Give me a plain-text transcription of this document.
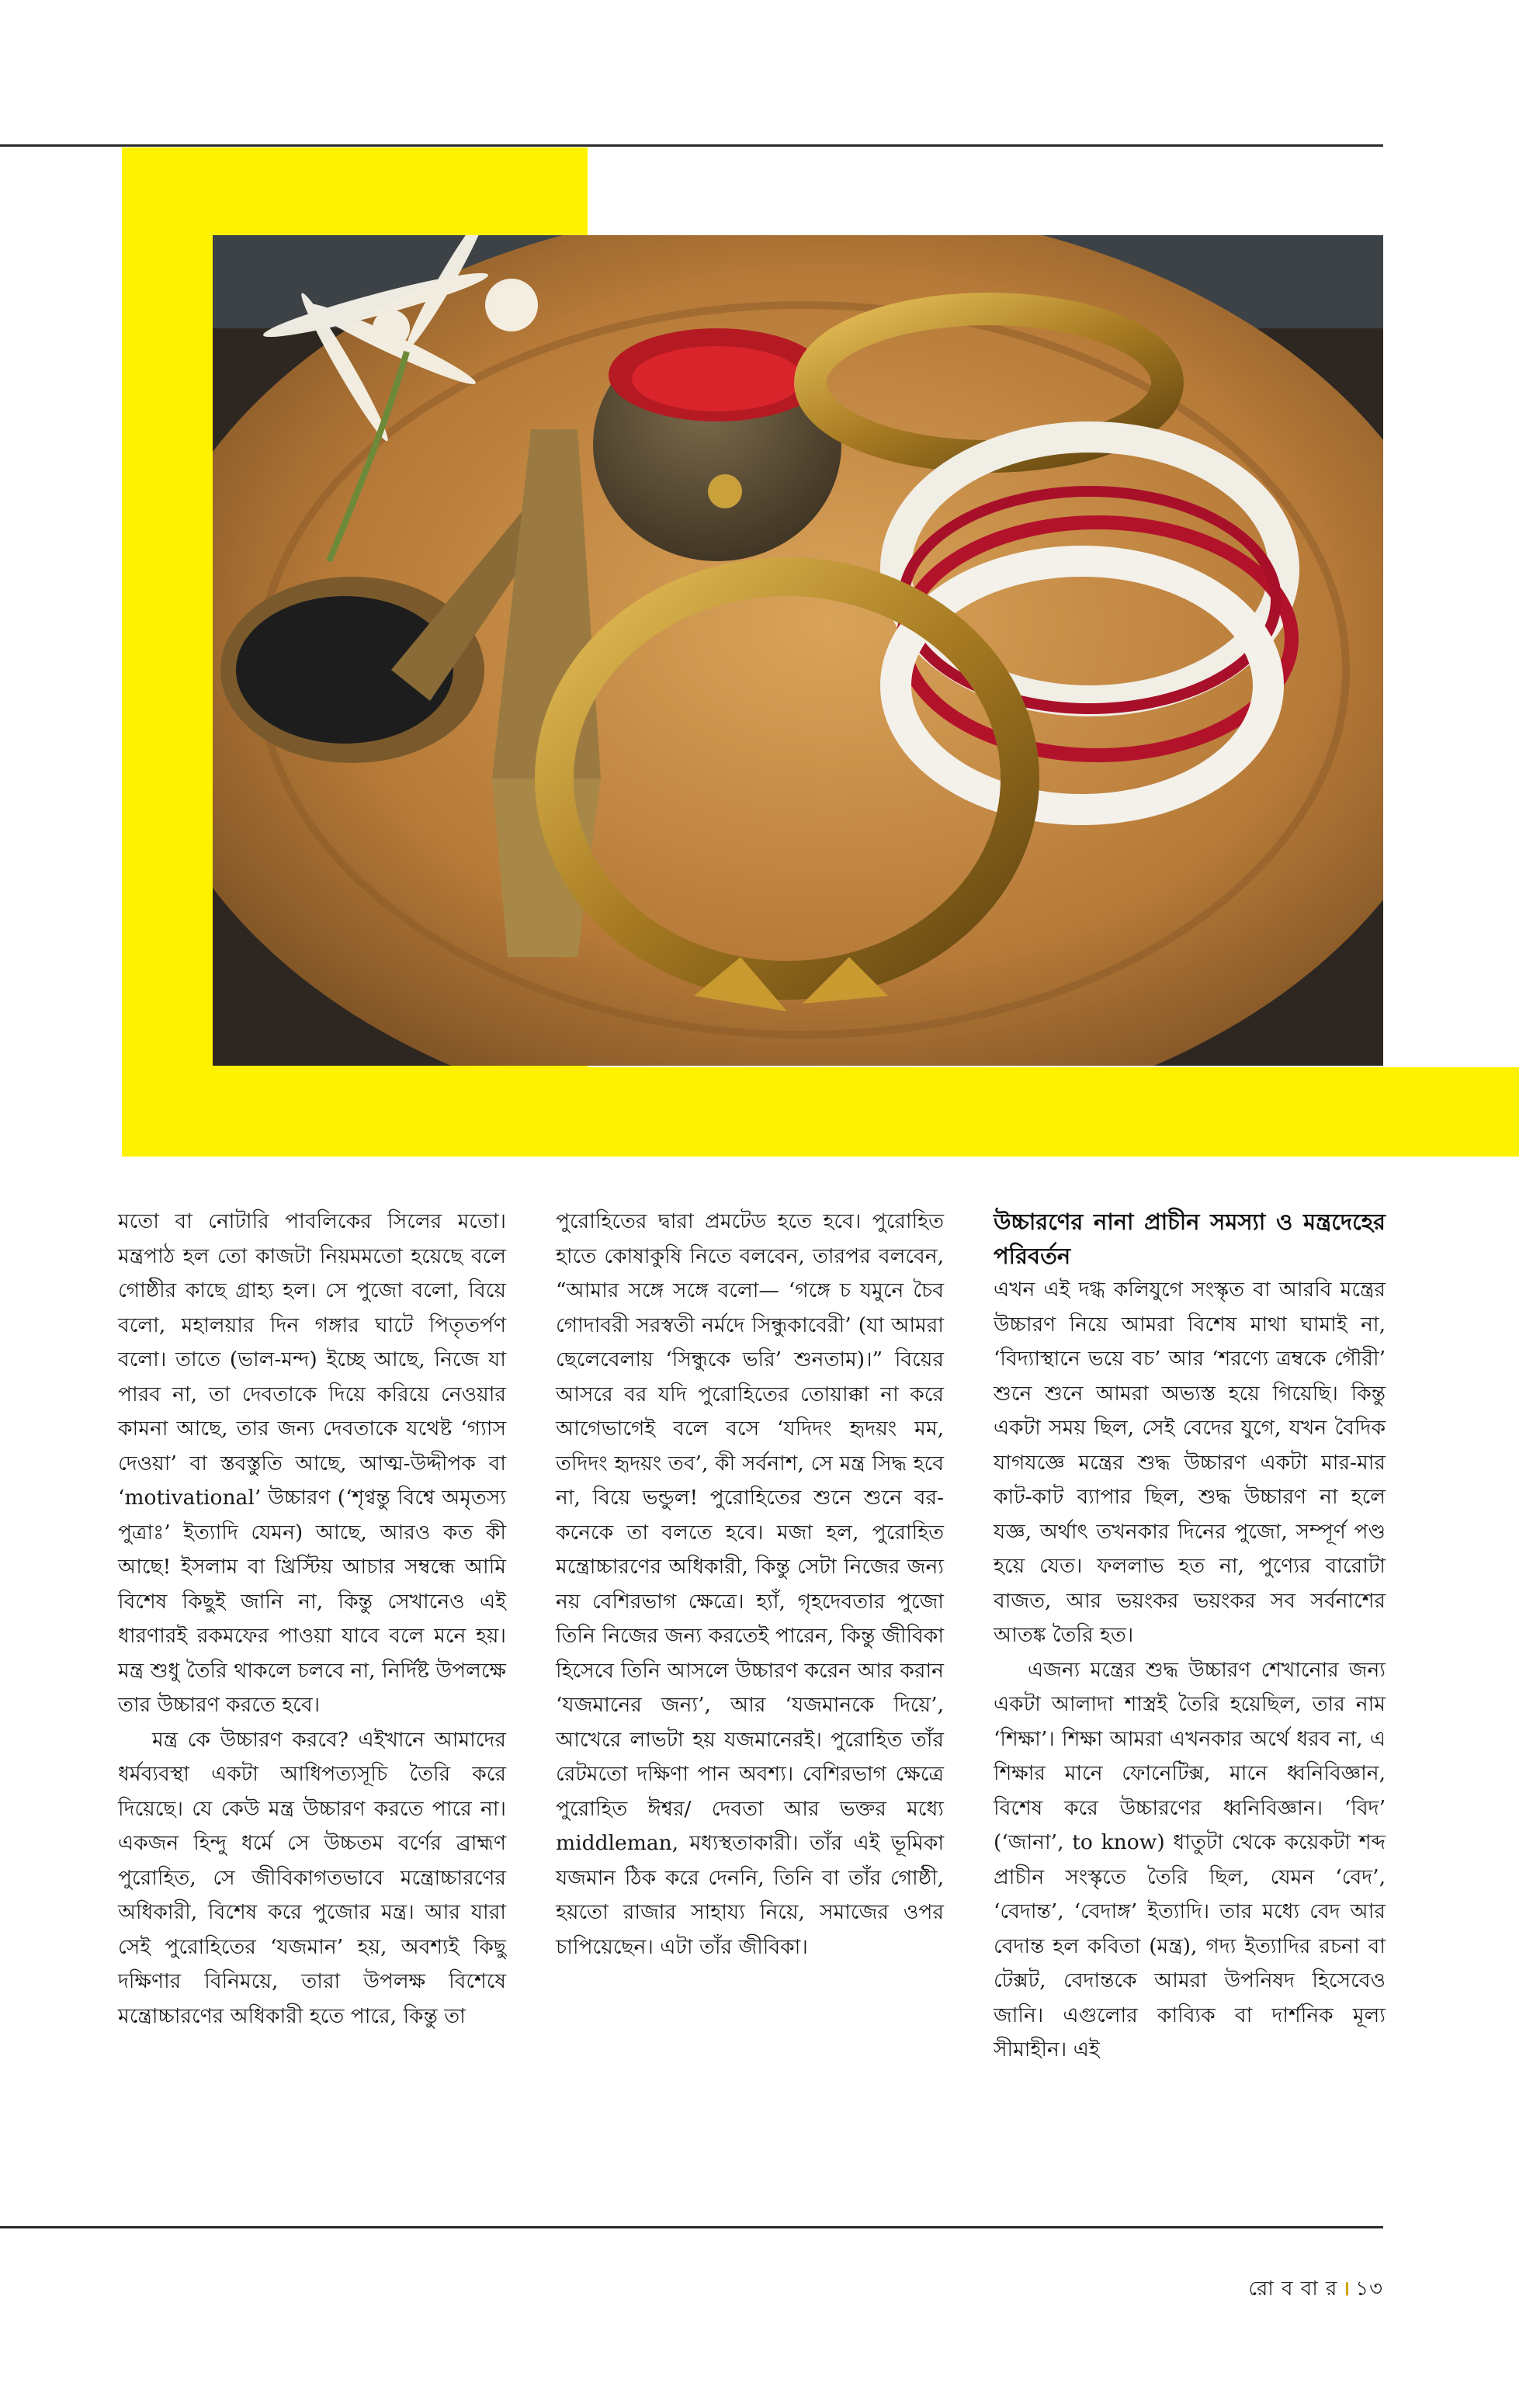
মতো বা নোটারি পাবলিকের সিলের মতো। মন্ত্রপাঠ হল তো কাজটা নিয়মমতো হয়েছে বলে গোষ্ঠীর কাছে গ্রাহ্য হল। সে পুজো বলো, বিয়ে বলো, মহালয়ার দিন গঙ্গার ঘাটে পিতৃতর্পণ বলো। তাতে (ভাল-মন্দ) ইচ্ছে আছে, নিজে যা পারব না, তা দেবতাকে দিয়ে করিয়ে নেওয়ার কামনা আছে, তার জন্য দেবতাকে যথেষ্ট ‘গ্যাস দেওয়া’ বা স্তবস্তুতি আছে, আত্ম-উদ্দীপক বা ‘motivational’ উচ্চারণ (‘শৃণ্বন্তু বিশ্বে অমৃতস্য পুত্রাঃ’ ইত্যাদি যেমন) আছে, আরও কত কী আছে! ইসলাম বা খ্রিস্টিয় আচার সম্বন্ধে আমি বিশেষ কিছুই জানি না, কিন্তু সেখানেও এই ধারণারই রকমফের পাওয়া যাবে বলে মনে হয়। মন্ত্র শুধু তৈরি থাকলে চলবে না, নির্দিষ্ট উপলক্ষে তার উচ্চারণ করতে হবে।

মন্ত্র কে উচ্চারণ করবে? এইখানে আমাদের ধর্মব্যবস্থা একটা আধিপত্যসূচি তৈরি করে দিয়েছে। যে কেউ মন্ত্র উচ্চারণ করতে পারে না। একজন হিন্দু ধর্মে সে উচ্চতম বর্ণের ব্রাহ্মণ পুরোহিত, সে জীবিকাগতভাবে মন্ত্রোচ্চারণের অধিকারী, বিশেষ করে পুজোর মন্ত্র। আর যারা সেই পুরোহিতের ‘যজমান’ হয়, অবশ্যই কিছু দক্ষিণার বিনিময়ে, তারা উপলক্ষ বিশেষে মন্ত্রোচ্চারণের অধিকারী হতে পারে, কিন্তু তা

পুরোহিতের দ্বারা প্রমটেড হতে হবে। পুরোহিত হাতে কোষাকুষি নিতে বলবেন, তারপর বলবেন, “আমার সঙ্গে সঙ্গে বলো— ‘গঙ্গে চ যমুনে চৈব গোদাবরী সরস্বতী নর্মদে সিন্ধুকাবেরী’ (যা আমরা ছেলেবেলায় ‘সিন্ধুকে ভরি’ শুনতাম)।” বিয়ের আসরে বর যদি পুরোহিতের তোয়াক্কা না করে আগেভাগেই বলে বসে ‘যদিদং হৃদয়ং মম, তদিদং হৃদয়ং তব’, কী সর্বনাশ, সে মন্ত্র সিদ্ধ হবে না, বিয়ে ভন্ডুল! পুরোহিতের শুনে শুনে বর-কনেকে তা বলতে হবে। মজা হল, পুরোহিত মন্ত্রোচ্চারণের অধিকারী, কিন্তু সেটা নিজের জন্য নয় বেশিরভাগ ক্ষেত্রে। হ্যাঁ, গৃহদেবতার পুজো তিনি নিজের জন্য করতেই পারেন, কিন্তু জীবিকা হিসেবে তিনি আসলে উচ্চারণ করেন আর করান ‘যজমানের জন্য’, আর ‘যজমানকে দিয়ে’, আখেরে লাভটা হয় যজমানেরই। পুরোহিত তাঁর রেটমতো দক্ষিণা পান অবশ্য। বেশিরভাগ ক্ষেত্রে পুরোহিত ঈশ্বর/ দেবতা আর ভক্তর মধ্যে middleman, মধ্যস্থতাকারী। তাঁর এই ভূমিকা যজমান ঠিক করে দেননি, তিনি বা তাঁর গোষ্ঠী, হয়তো রাজার সাহায্য নিয়ে, সমাজের ওপর চাপিয়েছেন। এটা তাঁর জীবিকা।

উচ্চারণের নানা প্রাচীন সমস্যা ও মন্ত্রদেহের পরিবর্তন

এখন এই দগ্ধ কলিযুগে সংস্কৃত বা আরবি মন্ত্রের উচ্চারণ নিয়ে আমরা বিশেষ মাথা ঘামাই না, ‘বিদ্যাস্থানে ভয়ে বচ’ আর ‘শরণ্যে ত্রম্বকে গৌরী’ শুনে শুনে আমরা অভ্যস্ত হয়ে গিয়েছি। কিন্তু একটা সময় ছিল, সেই বেদের যুগে, যখন বৈদিক যাগযজ্ঞে মন্ত্রের শুদ্ধ উচ্চারণ একটা মার-মার কাট-কাট ব্যাপার ছিল, শুদ্ধ উচ্চারণ না হলে যজ্ঞ, অর্থাৎ তখনকার দিনের পুজো, সম্পূর্ণ পণ্ড হয়ে যেত। ফললাভ হত না, পুণ্যের বারোটা বাজত, আর ভয়ংকর ভয়ংকর সব সর্বনাশের আতঙ্ক তৈরি হত।

এজন্য মন্ত্রের শুদ্ধ উচ্চারণ শেখানোর জন্য একটা আলাদা শাস্ত্রই তৈরি হয়েছিল, তার নাম ‘শিক্ষা’। শিক্ষা আমরা এখনকার অর্থে ধরব না, এ শিক্ষার মানে ফোনেটিক্স, মানে ধ্বনিবিজ্ঞান, বিশেষ করে উচ্চারণের ধ্বনিবিজ্ঞান। ‘বিদ’ (‘জানা’, to know) ধাতুটা থেকে কয়েকটা শব্দ প্রাচীন সংস্কৃতে তৈরি ছিল, যেমন ‘বেদ’, ‘বেদান্ত’, ‘বেদাঙ্গ’ ইত্যাদি। তার মধ্যে বেদ আর বেদান্ত হল কবিতা (মন্ত্র), গদ্য ইত্যাদির রচনা বা টেক্সট, বেদান্তকে আমরা উপনিষদ হিসেবেও জানি। এগুলোর কাব্যিক বা দার্শনিক মূল্য সীমাহীন। এই

রো ব বা র । ১৩
